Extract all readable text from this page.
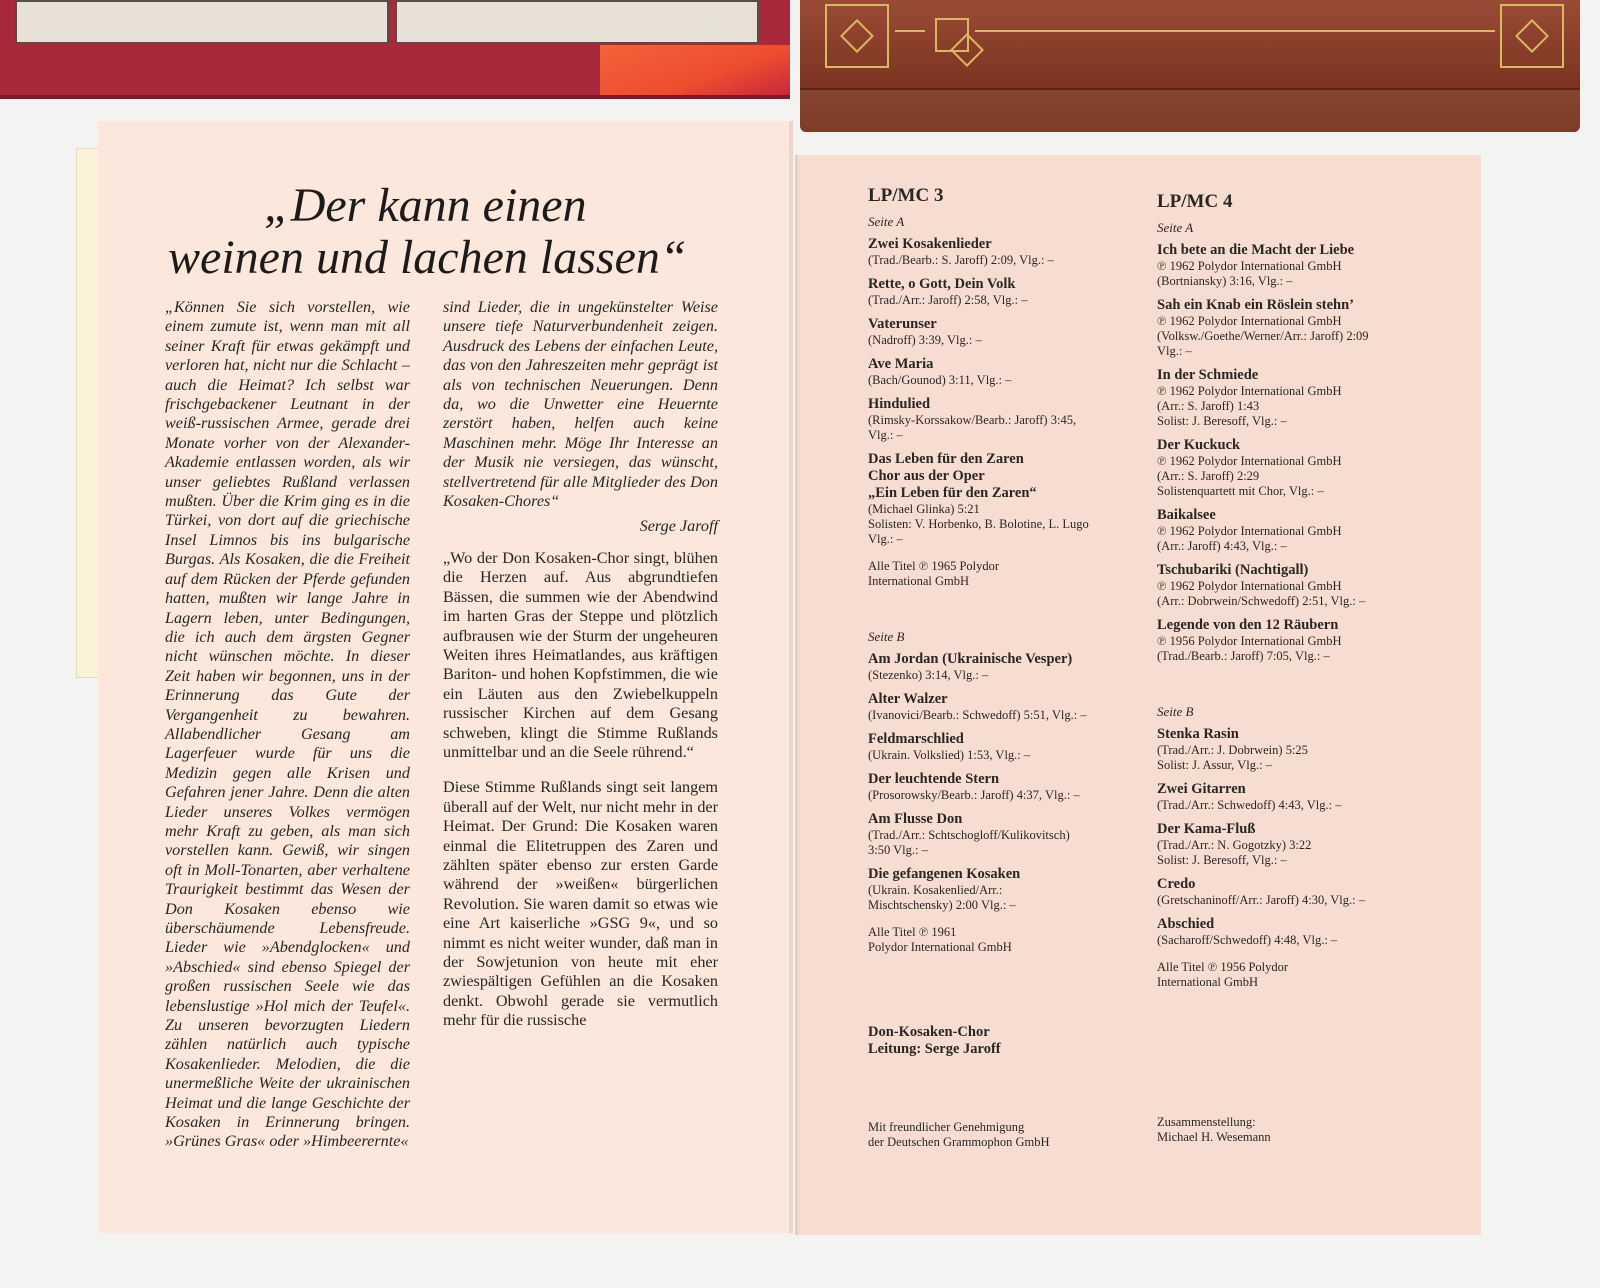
„Der kann einen
weinen und lachen lassen“

„Können Sie sich vorstellen, wie einem zumute ist, wenn man mit all seiner Kraft für etwas gekämpft und verloren hat, nicht nur die Schlacht – auch die Heimat? Ich selbst war frischgebackener Leutnant in der weiß-russischen Armee, gerade drei Monate vorher von der Alexander-Akademie entlassen worden, als wir unser geliebtes Rußland verlassen mußten. Über die Krim ging es in die Türkei, von dort auf die griechische Insel Limnos bis ins bulgarische Burgas. Als Kosaken, die die Freiheit auf dem Rücken der Pferde gefunden hatten, mußten wir lange Jahre in Lagern leben, unter Bedingungen, die ich auch dem ärgsten Gegner nicht wünschen möchte. In dieser Zeit haben wir begonnen, uns in der Erinnerung das Gute der Vergangenheit zu bewahren. Allabendlicher Gesang am Lagerfeuer wurde für uns die Medizin gegen alle Krisen und Gefahren jener Jahre. Denn die alten Lieder unseres Volkes vermögen mehr Kraft zu geben, als man sich vorstellen kann. Gewiß, wir singen oft in Moll-Tonarten, aber verhaltene Traurigkeit bestimmt das Wesen der Don Kosaken ebenso wie überschäumende Lebensfreude. Lieder wie »Abendglocken« und »Abschied« sind ebenso Spiegel der großen russischen Seele wie das lebenslustige »Hol mich der Teufel«. Zu unseren bevorzugten Liedern zählen natürlich auch typische Kosakenlieder. Melodien, die die unermeßliche Weite der ukrainischen Heimat und die lange Geschichte der Kosaken in Erinnerung bringen. »Grünes Gras« oder »Himbeerernte«

sind Lieder, die in ungekünstelter Weise unsere tiefe Naturverbundenheit zeigen. Ausdruck des Lebens der einfachen Leute, das von den Jahreszeiten mehr geprägt ist als von technischen Neuerungen. Denn da, wo die Unwetter eine Heuernte zerstört haben, helfen auch keine Maschinen mehr. Möge Ihr Interesse an der Musik nie versiegen, das wünscht, stellvertretend für alle Mitglieder des Don Kosaken-Chores“

Serge Jaroff

„Wo der Don Kosaken-Chor singt, blühen die Herzen auf. Aus abgrundtiefen Bässen, die summen wie der Abendwind im harten Gras der Steppe und plötzlich aufbrausen wie der Sturm der ungeheuren Weiten ihres Heimatlandes, aus kräftigen Bariton- und hohen Kopfstimmen, die wie ein Läuten aus den Zwiebelkuppeln russischer Kirchen auf dem Gesang schweben, klingt die Stimme Rußlands unmittelbar und an die Seele rührend.“

Diese Stimme Rußlands singt seit langem überall auf der Welt, nur nicht mehr in der Heimat. Der Grund: Die Kosaken waren einmal die Elitetruppen des Zaren und zählten später ebenso zur ersten Garde während der »weißen« bürgerlichen Revolution. Sie waren damit so etwas wie eine Art kaiserliche »GSG 9«, und so nimmt es nicht weiter wunder, daß man in der Sowjetunion von heute mit eher zwiespältigen Gefühlen an die Kosaken denkt. Obwohl gerade sie vermutlich mehr für die russische

LP/MC 3
Seite A
Zwei Kosakenlieder
(Trad./Bearb.: S. Jaroff) 2:09, Vlg.: –
Rette, o Gott, Dein Volk
(Trad./Arr.: Jaroff) 2:58, Vlg.: –
Vaterunser
(Nadroff) 3:39, Vlg.: –
Ave Maria
(Bach/Gounod) 3:11, Vlg.: –
Hindulied
(Rimsky-Korssakow/Bearb.: Jaroff) 3:45,
Vlg.: –
Das Leben für den Zaren
Chor aus der Oper
„Ein Leben für den Zaren“
(Michael Glinka) 5:21
Solisten: V. Horbenko, B. Bolotine, L. Lugo
Vlg.: –
Alle Titel ℗ 1965 Polydor
International GmbH
Seite B
Am Jordan (Ukrainische Vesper)
(Stezenko) 3:14, Vlg.: –
Alter Walzer
(Ivanovici/Bearb.: Schwedoff) 5:51, Vlg.: –
Feldmarschlied
(Ukrain. Volkslied) 1:53, Vlg.: –
Der leuchtende Stern
(Prosorowsky/Bearb.: Jaroff) 4:37, Vlg.: –
Am Flusse Don
(Trad./Arr.: Schtschogloff/Kulikovitsch)
3:50 Vlg.: –
Die gefangenen Kosaken
(Ukrain. Kosakenlied/Arr.:
Mischtschensky) 2:00 Vlg.: –
Alle Titel ℗ 1961
Polydor International GmbH
LP/MC 4
Seite A
Ich bete an die Macht der Liebe
℗ 1962 Polydor International GmbH
(Bortniansky) 3:16, Vlg.: –
Sah ein Knab ein Röslein stehn’
℗ 1962 Polydor International GmbH
(Volksw./Goethe/Werner/Arr.: Jaroff) 2:09
Vlg.: –
In der Schmiede
℗ 1962 Polydor International GmbH
(Arr.: S. Jaroff) 1:43
Solist: J. Beresoff, Vlg.: –
Der Kuckuck
℗ 1962 Polydor International GmbH
(Arr.: S. Jaroff) 2:29
Solistenquartett mit Chor, Vlg.: –
Baikalsee
℗ 1962 Polydor International GmbH
(Arr.: Jaroff) 4:43, Vlg.: –
Tschubariki (Nachtigall)
℗ 1962 Polydor International GmbH
(Arr.: Dobrwein/Schwedoff) 2:51, Vlg.: –
Legende von den 12 Räubern
℗ 1956 Polydor International GmbH
(Trad./Bearb.: Jaroff) 7:05, Vlg.: –
Seite B
Stenka Rasin
(Trad./Arr.: J. Dobrwein) 5:25
Solist: J. Assur, Vlg.: –
Zwei Gitarren
(Trad./Arr.: Schwedoff) 4:43, Vlg.: –
Der Kama-Fluß
(Trad./Arr.: N. Gogotzky) 3:22
Solist: J. Beresoff, Vlg.: –
Credo
(Gretschaninoff/Arr.: Jaroff) 4:30, Vlg.: –
Abschied
(Sacharoff/Schwedoff) 4:48, Vlg.: –
Alle Titel ℗ 1956 Polydor
International GmbH
Don-Kosaken-Chor
Leitung: Serge Jaroff
Mit freundlicher Genehmigung
der Deutschen Grammophon GmbH
Zusammenstellung:
Michael H. Wesemann
